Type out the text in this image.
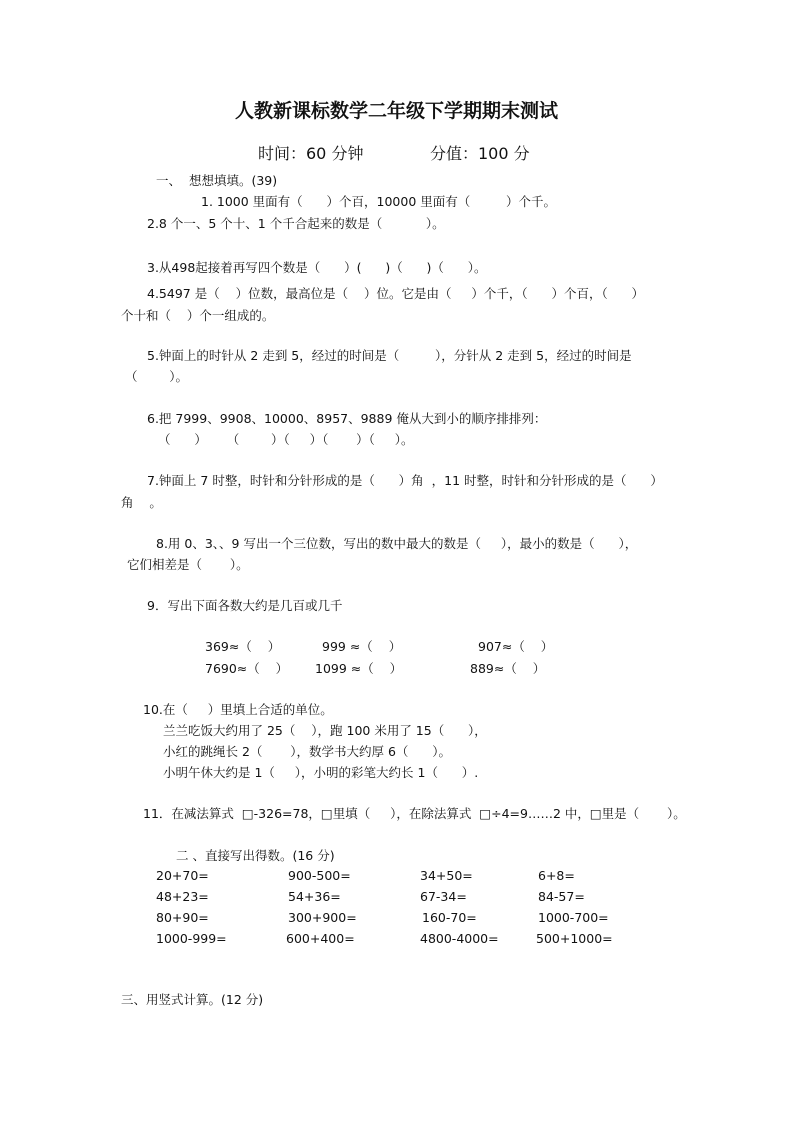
人教新课标数学二年级下学期期末测试
时间：60 分钟	分值：100 分
一、  想想填填。(39)
1. 1000 里面有（      ）个百，10000 里面有（         ）个千。
2.8 个一、5 个十、1 个千合起来的数是（           ）。
3.从498起接着再写四个数是（      ）(      )（      )（      ）。
4.5497 是（    ）位数，最高位是（    ）位。它是由（     ）个千，（      ）个百，（      ）
个十和（    ）个一组成的。
5.钟面上的时针从 2 走到 5，经过的时间是（         ），分针从 2 走到 5，经过的时间是
（        ）。
6.把 7999、9908、10000、8957、9889 俺从大到小的顺序排排列：
（      ）     （        ）（     ）（       ）（     ）。
7.钟面上 7 时整，时针和分针形成的是（      ）角  ，11 时整，时针和分针形成的是（      ）
角    。
8.用 0、3、、9 写出一个三位数，写出的数中最大的数是（     ），最小的数是（      ），
它们相差是（       ）。
9．写出下面各数大约是几百或几千
369≈（    ）	999 ≈（    ）	907≈（    ）
7690≈（    ） 1099 ≈（    ）	889≈（    ）
10.在（     ）里填上合适的单位。
兰兰吃饭大约用了 25（    ），跑 100 米用了 15（      ），
小红的跳绳长 2（       ），数学书大约厚 6（      ）。
小明午休大约是 1（     ），小明的彩笔大约长 1（      ）.
11．在减法算式  □-326=78，□里填（     ），在除法算式  □÷4=9……2 中，□里是（       ）。
二 、直接写出得数。(16 分)
20+70=	900-500=	34+50=	6+8=
48+23=	54+36=	67-34=	84-57=
80+90=	300+900=	160-70=	1000-700=
1000-999=	600+400=	4800-4000=	500+1000=
三、用竖式计算。(12 分)
